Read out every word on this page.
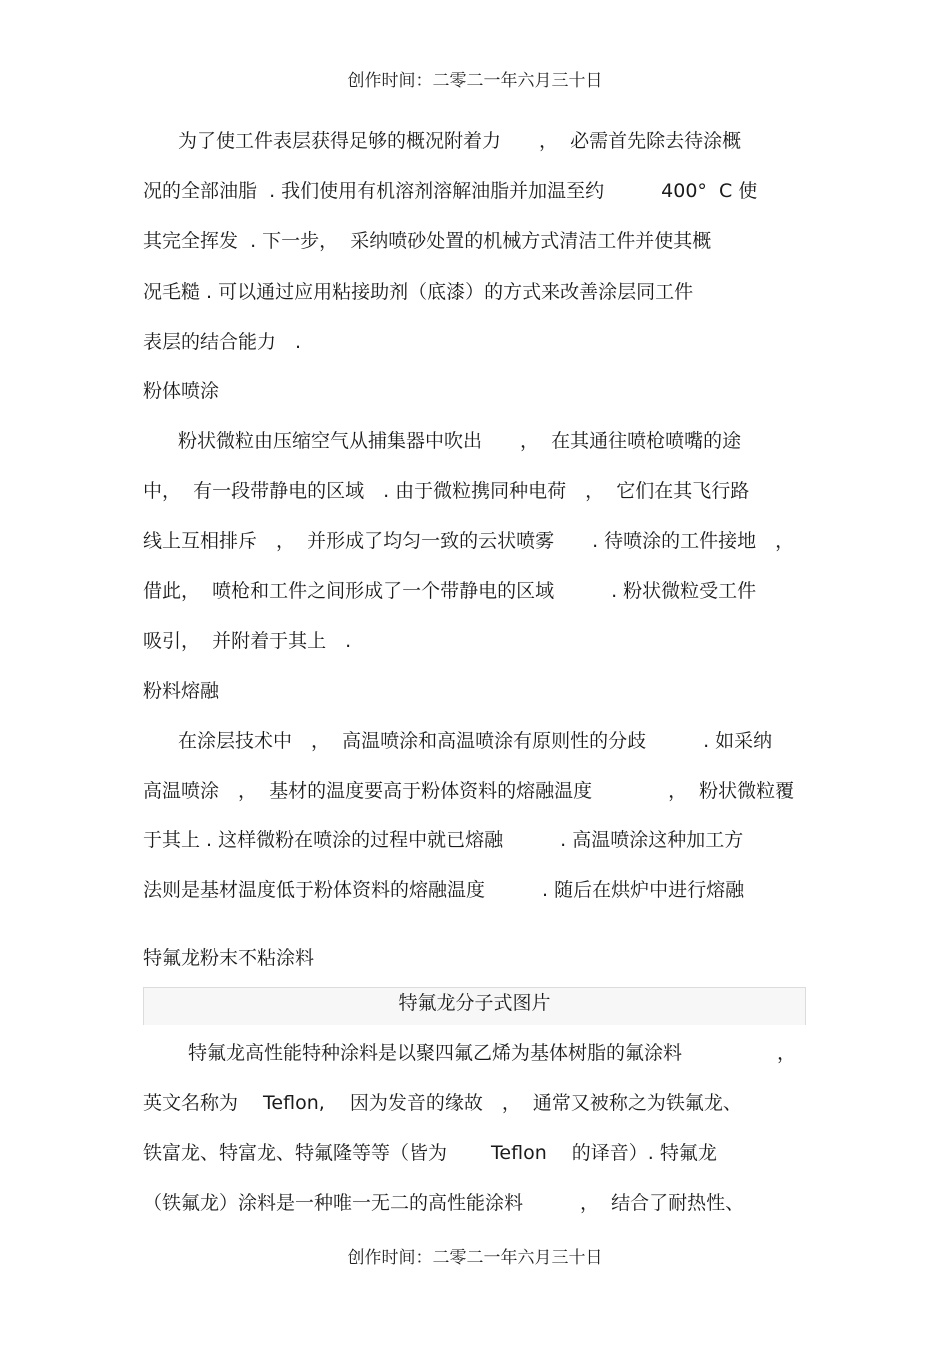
创作时间：二零二一年六月三十日
为了使工件表层获得足够的概况附着力　　，  必需首先除去待涂概
况的全部油脂  . 我们使用有机溶剂溶解油脂并加温至约　　　400°  C 使
其完全挥发  . 下一步，  采纳喷砂处置的机械方式清洁工件并使其概
况毛糙 . 可以通过应用粘接助剂（底漆）的方式来改善涂层同工件
表层的结合能力　.
粉体喷涂
粉状微粒由压缩空气从捕集器中吹出　　，  在其通往喷枪喷嘴的途
中，  有一段带静电的区域　. 由于微粒携同种电荷　，  它们在其飞行路
线上互相排斥　，  并形成了均匀一致的云状喷雾　　. 待喷涂的工件接地　，
借此，  喷枪和工件之间形成了一个带静电的区域　　　. 粉状微粒受工件
吸引，  并附着于其上　.
粉料熔融
在涂层技术中　，  高温喷涂和高温喷涂有原则性的分歧　　　. 如采纳
高温喷涂　，  基材的温度要高于粉体资料的熔融温度　　　　，  粉状微粒覆
于其上 . 这样微粉在喷涂的过程中就已熔融　　　. 高温喷涂这种加工方
法则是基材温度低于粉体资料的熔融温度　　　. 随后在烘炉中进行熔融
特氟龙粉末不粘涂料
特氟龙分子式图片
特氟龙高性能特种涂料是以聚四氟乙烯为基体树脂的氟涂料　　　　　，
英文名称为　 Teflon,　 因为发音的缘故　，  通常又被称之为铁氟龙、
铁富龙、特富龙、特氟隆等等（皆为　　 Teflon　 的译音）. 特氟龙
（铁氟龙）涂料是一种唯一无二的高性能涂料　　　，  结合了耐热性、
创作时间：二零二一年六月三十日
